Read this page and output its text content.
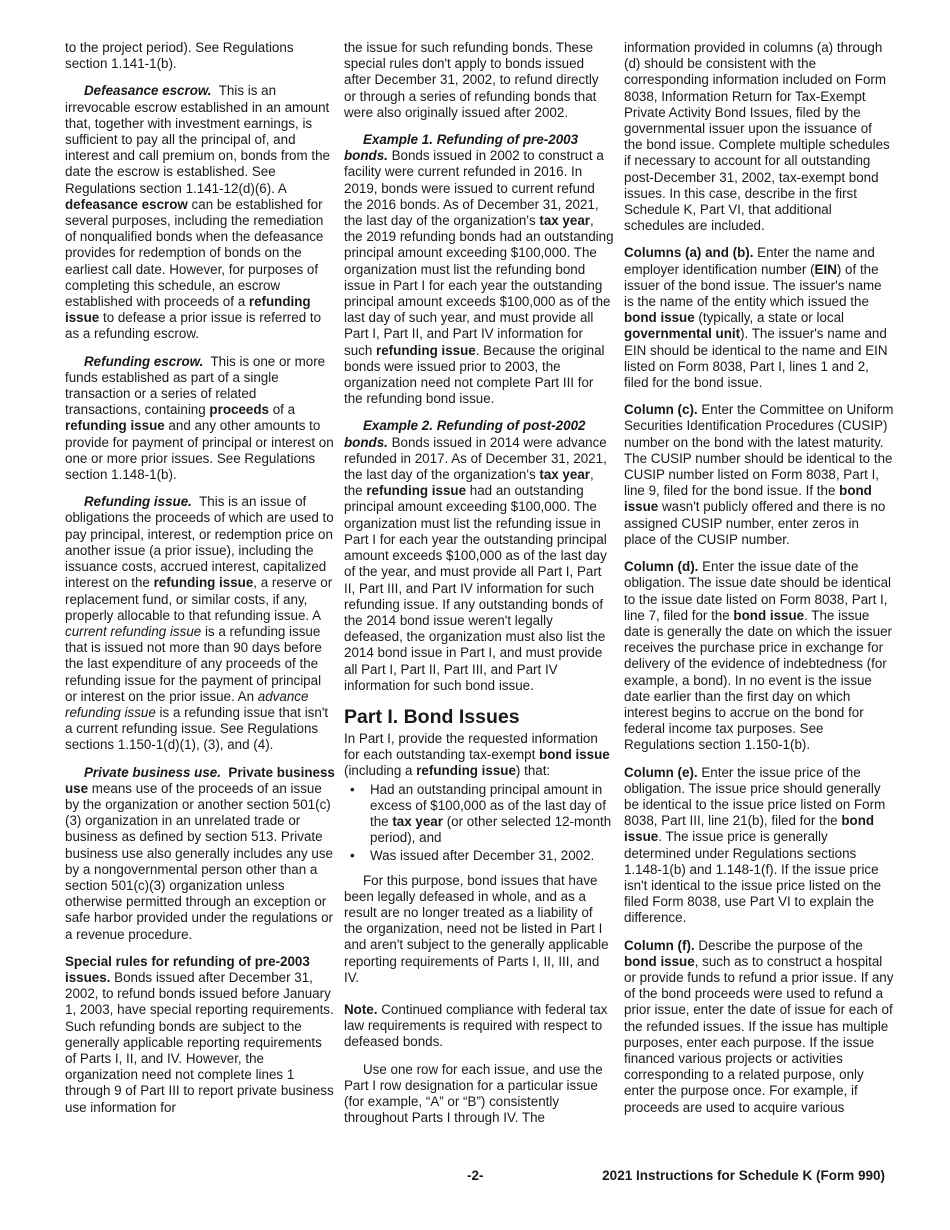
to the project period). See Regulations section 1.141-1(b).

Defeasance escrow. This is an irrevocable escrow established in an amount that, together with investment earnings, is sufficient to pay all the principal of, and interest and call premium on, bonds from the date the escrow is established. See Regulations section 1.141-12(d)(6). A defeasance escrow can be established for several purposes, including the remediation of nonqualified bonds when the defeasance provides for redemption of bonds on the earliest call date. However, for purposes of completing this schedule, an escrow established with proceeds of a refunding issue to defease a prior issue is referred to as a refunding escrow.

Refunding escrow. This is one or more funds established as part of a single transaction or a series of related transactions, containing proceeds of a refunding issue and any other amounts to provide for payment of principal or interest on one or more prior issues. See Regulations section 1.148-1(b).

Refunding issue. This is an issue of obligations the proceeds of which are used to pay principal, interest, or redemption price on another issue (a prior issue), including the issuance costs, accrued interest, capitalized interest on the refunding issue, a reserve or replacement fund, or similar costs, if any, properly allocable to that refunding issue. A current refunding issue is a refunding issue that is issued not more than 90 days before the last expenditure of any proceeds of the refunding issue for the payment of principal or interest on the prior issue. An advance refunding issue is a refunding issue that isn't a current refunding issue. See Regulations sections 1.150-1(d)(1), (3), and (4).

Private business use. Private business use means use of the proceeds of an issue by the organization or another section 501(c)(3) organization in an unrelated trade or business as defined by section 513. Private business use also generally includes any use by a nongovernmental person other than a section 501(c)(3) organization unless otherwise permitted through an exception or safe harbor provided under the regulations or a revenue procedure.

Special rules for refunding of pre-2003 issues. Bonds issued after December 31, 2002, to refund bonds issued before January 1, 2003, have special reporting requirements. Such refunding bonds are subject to the generally applicable reporting requirements of Parts I, II, and IV. However, the organization need not complete lines 1 through 9 of Part III to report private business use information for

the issue for such refunding bonds. These special rules don't apply to bonds issued after December 31, 2002, to refund directly or through a series of refunding bonds that were also originally issued after 2002.

Example 1. Refunding of pre-2003 bonds. Bonds issued in 2002 to construct a facility were current refunded in 2016. In 2019, bonds were issued to current refund the 2016 bonds. As of December 31, 2021, the last day of the organization's tax year, the 2019 refunding bonds had an outstanding principal amount exceeding $100,000. The organization must list the refunding bond issue in Part I for each year the outstanding principal amount exceeds $100,000 as of the last day of such year, and must provide all Part I, Part II, and Part IV information for such refunding issue. Because the original bonds were issued prior to 2003, the organization need not complete Part III for the refunding bond issue.

Example 2. Refunding of post-2002 bonds. Bonds issued in 2014 were advance refunded in 2017. As of December 31, 2021, the last day of the organization's tax year, the refunding issue had an outstanding principal amount exceeding $100,000. The organization must list the refunding issue in Part I for each year the outstanding principal amount exceeds $100,000 as of the last day of the year, and must provide all Part I, Part II, Part III, and Part IV information for such refunding issue. If any outstanding bonds of the 2014 bond issue weren't legally defeased, the organization must also list the 2014 bond issue in Part I, and must provide all Part I, Part II, Part III, and Part IV information for such bond issue.

Part I. Bond Issues

In Part I, provide the requested information for each outstanding tax-exempt bond issue (including a refunding issue) that:

• Had an outstanding principal amount in excess of $100,000 as of the last day of the tax year (or other selected 12-month period), and
• Was issued after December 31, 2002.

For this purpose, bond issues that have been legally defeased in whole, and as a result are no longer treated as a liability of the organization, need not be listed in Part I and aren't subject to the generally applicable reporting requirements of Parts I, II, III, and IV.

Note. Continued compliance with federal tax law requirements is required with respect to defeased bonds.

Use one row for each issue, and use the Part I row designation for a particular issue (for example, “A” or “B”) consistently throughout Parts I through IV. The

information provided in columns (a) through (d) should be consistent with the corresponding information included on Form 8038, Information Return for Tax-Exempt Private Activity Bond Issues, filed by the governmental issuer upon the issuance of the bond issue. Complete multiple schedules if necessary to account for all outstanding post-December 31, 2002, tax-exempt bond issues. In this case, describe in the first Schedule K, Part VI, that additional schedules are included.

Columns (a) and (b). Enter the name and employer identification number (EIN) of the issuer of the bond issue. The issuer's name is the name of the entity which issued the bond issue (typically, a state or local governmental unit). The issuer's name and EIN should be identical to the name and EIN listed on Form 8038, Part I, lines 1 and 2, filed for the bond issue.

Column (c). Enter the Committee on Uniform Securities Identification Procedures (CUSIP) number on the bond with the latest maturity. The CUSIP number should be identical to the CUSIP number listed on Form 8038, Part I, line 9, filed for the bond issue. If the bond issue wasn't publicly offered and there is no assigned CUSIP number, enter zeros in place of the CUSIP number.

Column (d). Enter the issue date of the obligation. The issue date should be identical to the issue date listed on Form 8038, Part I, line 7, filed for the bond issue. The issue date is generally the date on which the issuer receives the purchase price in exchange for delivery of the evidence of indebtedness (for example, a bond). In no event is the issue date earlier than the first day on which interest begins to accrue on the bond for federal income tax purposes. See Regulations section 1.150-1(b).

Column (e). Enter the issue price of the obligation. The issue price should generally be identical to the issue price listed on Form 8038, Part III, line 21(b), filed for the bond issue. The issue price is generally determined under Regulations sections 1.148-1(b) and 1.148-1(f). If the issue price isn't identical to the issue price listed on the filed Form 8038, use Part VI to explain the difference.

Column (f). Describe the purpose of the bond issue, such as to construct a hospital or provide funds to refund a prior issue. If any of the bond proceeds were used to refund a prior issue, enter the date of issue for each of the refunded issues. If the issue has multiple purposes, enter each purpose. If the issue financed various projects or activities corresponding to a related purpose, only enter the purpose once. For example, if proceeds are used to acquire various

-2-	2021 Instructions for Schedule K (Form 990)
